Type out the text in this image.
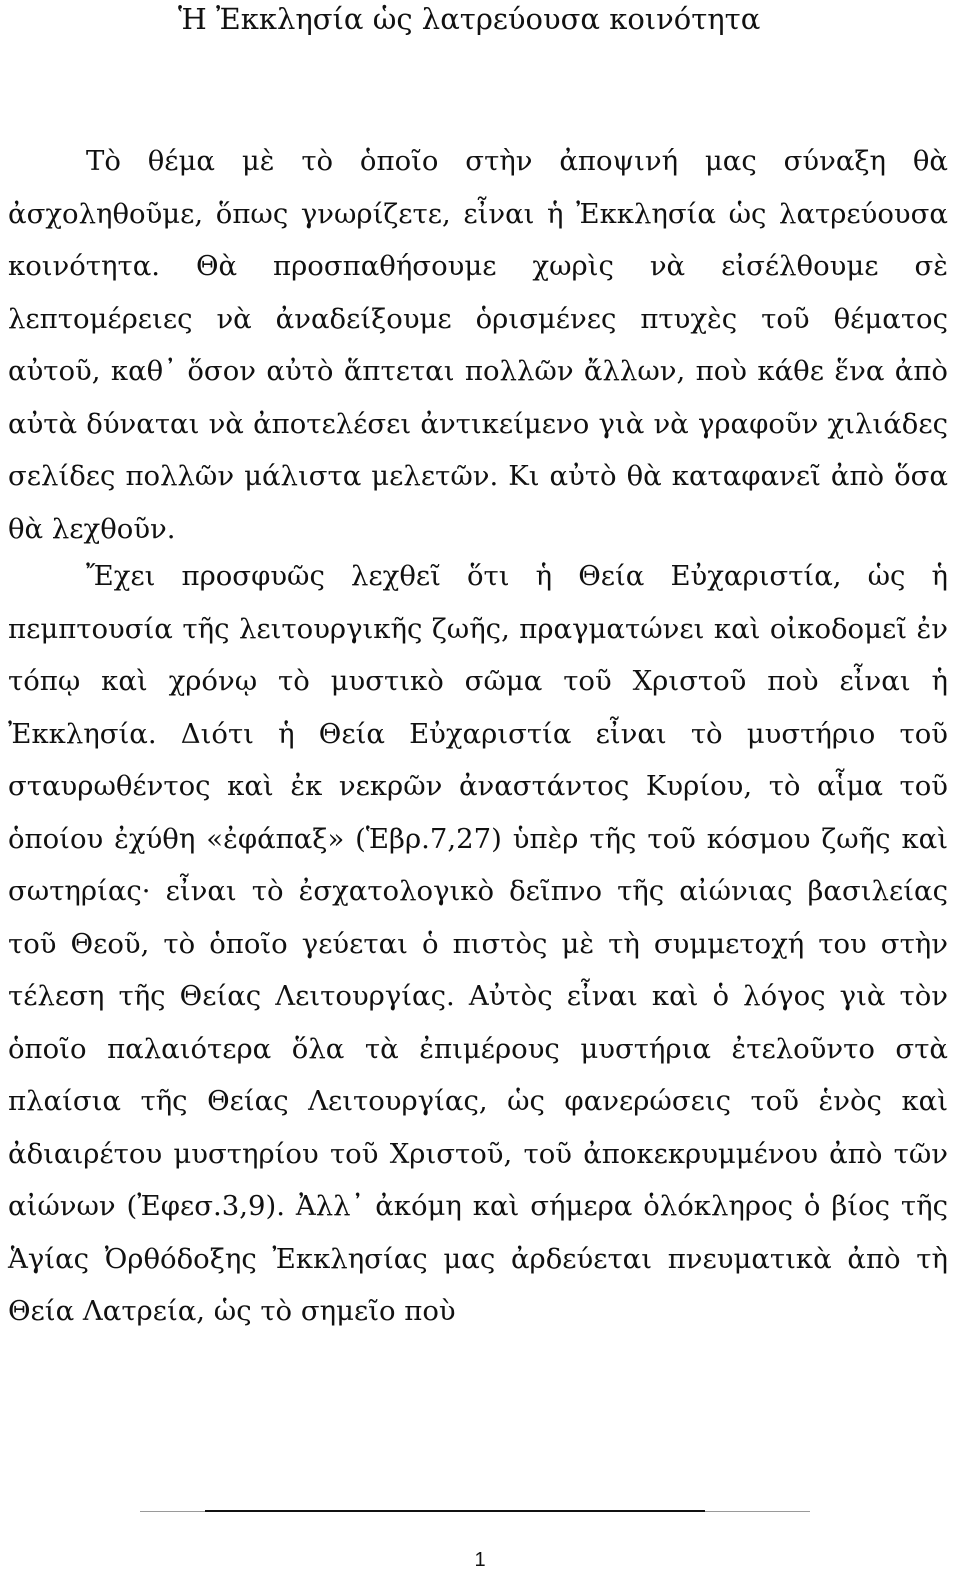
Ἡ Ἐκκλησία ὡς λατρεύουσα κοινότητα

Τὸ θέμα μὲ τὸ ὁποῖο στὴν ἀποψινή μας σύναξη θὰ ἀσχοληθοῦμε, ὅπως γνωρίζετε, εἶναι ἡ Ἐκκλησία ὡς λατρεύουσα κοινότητα. Θὰ προσπαθήσουμε χωρὶς νὰ εἰσέλθουμε σὲ λεπτομέρειες νὰ ἀναδείξουμε ὁρισμένες πτυχὲς τοῦ θέματος αὐτοῦ, καθ᾽ ὅσον αὐτὸ ἅπτεται πολλῶν ἄλλων, ποὺ κάθε ἕνα ἀπὸ αὐτὰ δύναται νὰ ἀποτελέσει ἀντικείμενο γιὰ νὰ γραφοῦν χιλιάδες σελίδες πολλῶν μάλιστα μελετῶν. Κι αὐτὸ θὰ καταφανεῖ ἀπὸ ὅσα θὰ λεχθοῦν.

Ἔχει προσφυῶς λεχθεῖ ὅτι ἡ Θεία Εὐχαριστία, ὡς ἡ πεμπτουσία τῆς λειτουργικῆς ζωῆς, πραγματώνει καὶ οἰκοδομεῖ ἐν τόπῳ καὶ χρόνῳ τὸ μυστικὸ σῶμα τοῦ Χριστοῦ ποὺ εἶναι ἡ Ἐκκλησία. Διότι ἡ Θεία Εὐχαριστία εἶναι τὸ μυστήριο τοῦ σταυρωθέντος καὶ ἐκ νεκρῶν ἀναστάντος Κυρίου, τὸ αἷμα τοῦ ὁποίου ἐχύθη «ἐφάπαξ» (Ἑβρ.7,27) ὑπὲρ τῆς τοῦ κόσμου ζωῆς καὶ σωτηρίας· εἶναι τὸ ἐσχατολογικὸ δεῖπνο τῆς αἰώνιας βασιλείας τοῦ Θεοῦ, τὸ ὁποῖο γεύεται ὁ πιστὸς μὲ τὴ συμμετοχή του στὴν τέλεση τῆς Θείας Λειτουργίας. Αὐτὸς εἶναι καὶ ὁ λόγος γιὰ τὸν ὁποῖο παλαιότερα ὅλα τὰ ἐπιμέρους μυστήρια ἐτελοῦντο στὰ πλαίσια τῆς Θείας Λειτουργίας, ὡς φανερώσεις τοῦ ἑνὸς καὶ ἀδιαιρέτου μυστηρίου τοῦ Χριστοῦ, τοῦ ἀποκεκρυμμένου ἀπὸ τῶν αἰώνων (Ἐφεσ.3,9). Ἀλλ᾽ ἀκόμη καὶ σήμερα ὁλόκληρος ὁ βίος τῆς Ἁγίας Ὀρθόδοξης Ἐκκλησίας μας ἀρδεύεται πνευματικὰ ἀπὸ τὴ Θεία Λατρεία, ὡς τὸ σημεῖο ποὺ

1
